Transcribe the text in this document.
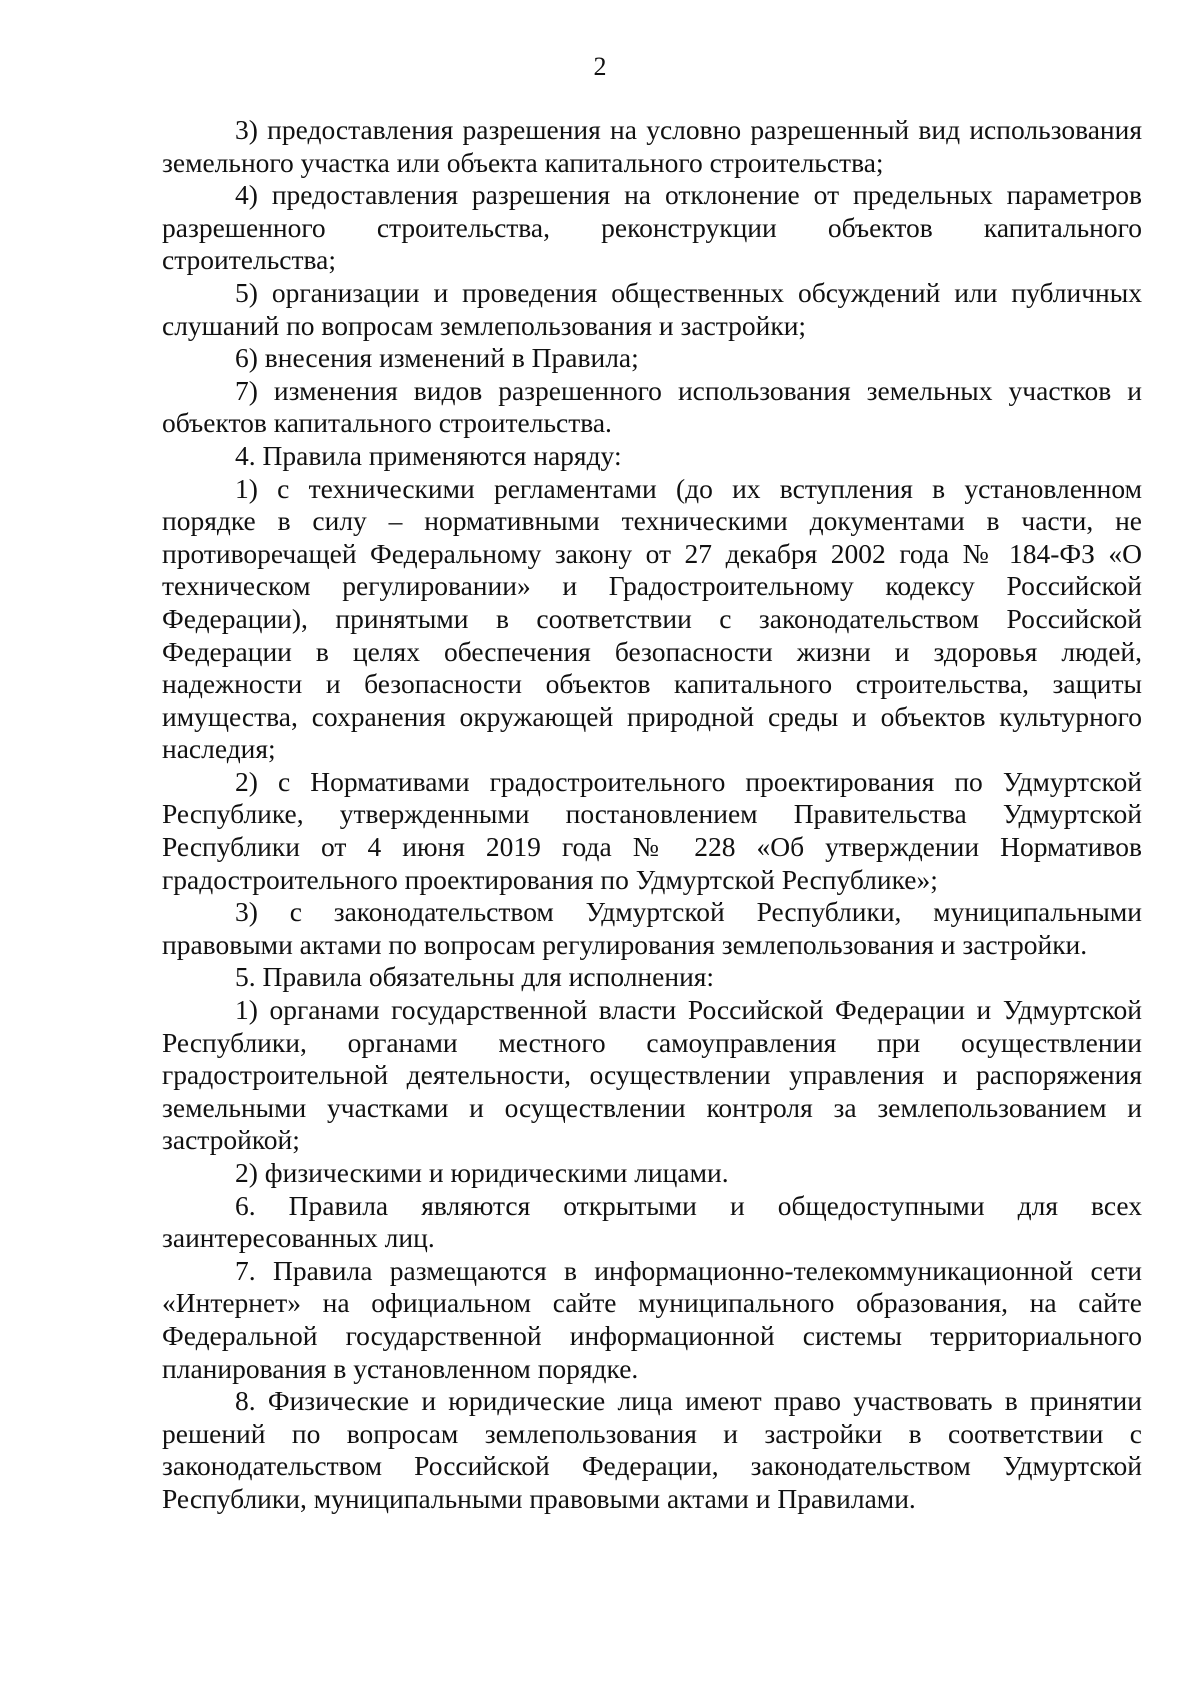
2

3) предоставления разрешения на условно разрешенный вид использования земельного участка или объекта капитального строительства;

4) предоставления разрешения на отклонение от предельных параметров разрешенного строительства, реконструкции объектов капитального строительства;

5) организации и проведения общественных обсуждений или публичных слушаний по вопросам землепользования и застройки;

6) внесения изменений в Правила;

7) изменения видов разрешенного использования земельных участков и объектов капитального строительства.

4. Правила применяются наряду:

1) с техническими регламентами (до их вступления в установленном порядке в силу – нормативными техническими документами в части, не противоречащей Федеральному закону от 27 декабря 2002 года № 184-ФЗ «О техническом регулировании» и Градостроительному кодексу Российской Федерации), принятыми в соответствии с законодательством Российской Федерации в целях обеспечения безопасности жизни и здоровья людей, надежности и безопасности объектов капитального строительства, защиты имущества, сохранения окружающей природной среды и объектов культурного наследия;

2) с Нормативами градостроительного проектирования по Удмуртской Республике, утвержденными постановлением Правительства Удмуртской Республики от 4 июня 2019 года № 228 «Об утверждении Нормативов градостроительного проектирования по Удмуртской Республике»;

3) с законодательством Удмуртской Республики, муниципальными правовыми актами по вопросам регулирования землепользования и застройки.

5. Правила обязательны для исполнения:

1) органами государственной власти Российской Федерации и Удмуртской Республики, органами местного самоуправления при осуществлении градостроительной деятельности, осуществлении управления и распоряжения земельными участками и осуществлении контроля за землепользованием и застройкой;

2) физическими и юридическими лицами.

6. Правила являются открытыми и общедоступными для всех заинтересованных лиц.

7. Правила размещаются в информационно-телекоммуникационной сети «Интернет» на официальном сайте муниципального образования, на сайте Федеральной государственной информационной системы территориального планирования в установленном порядке.

8. Физические и юридические лица имеют право участвовать в принятии решений по вопросам землепользования и застройки в соответствии с законодательством Российской Федерации, законодательством Удмуртской Республики, муниципальными правовыми актами и Правилами.
